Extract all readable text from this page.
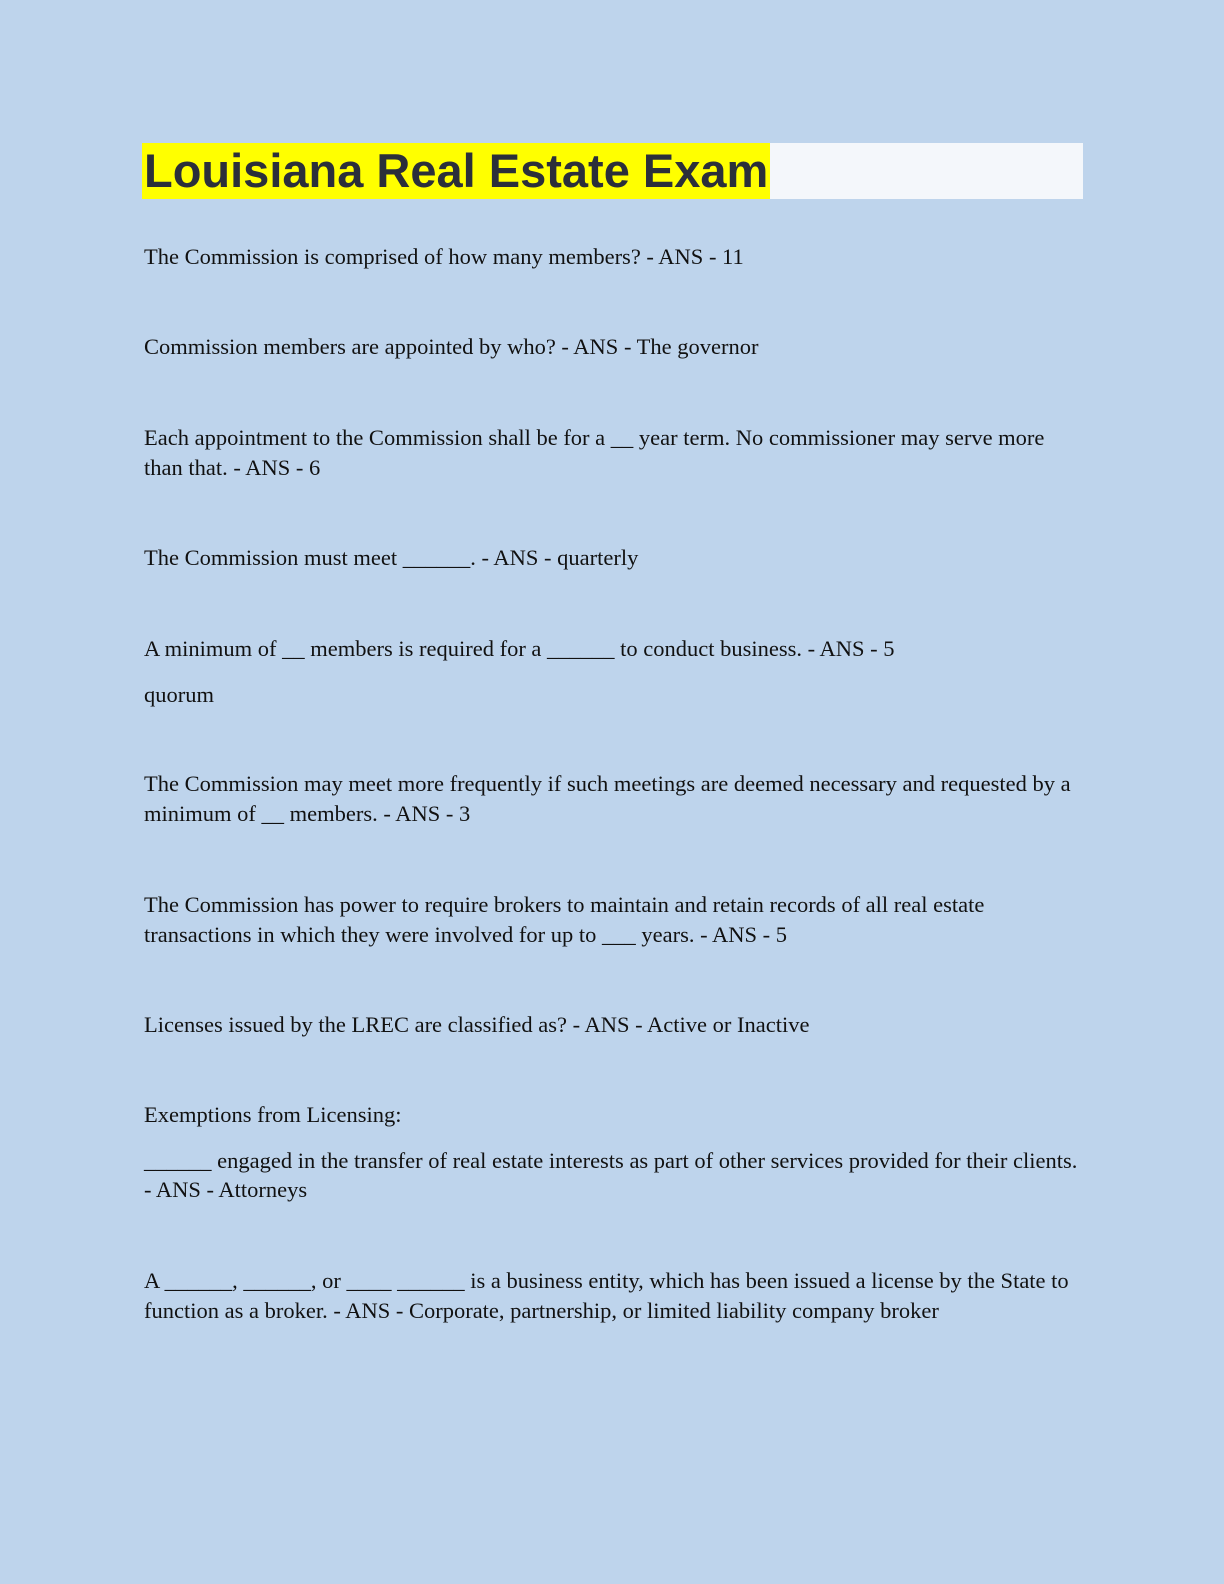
Louisiana Real Estate Exam

The Commission is comprised of how many members? - ANS - 11

Commission members are appointed by who? - ANS - The governor

Each appointment to the Commission shall be for a __ year term. No commissioner may serve more than that. - ANS - 6

The Commission must meet ______. - ANS - quarterly

A minimum of __ members is required for a ______ to conduct business. - ANS - 5

quorum

The Commission may meet more frequently if such meetings are deemed necessary and requested by a minimum of __ members. - ANS - 3

The Commission has power to require brokers to maintain and retain records of all real estate transactions in which they were involved for up to ___ years. - ANS - 5

Licenses issued by the LREC are classified as? - ANS - Active or Inactive

Exemptions from Licensing:

______ engaged in the transfer of real estate interests as part of other services provided for their clients. - ANS - Attorneys

A ______, ______, or ____ ______ is a business entity, which has been issued a license by the State to function as a broker. - ANS - Corporate, partnership, or limited liability company broker
